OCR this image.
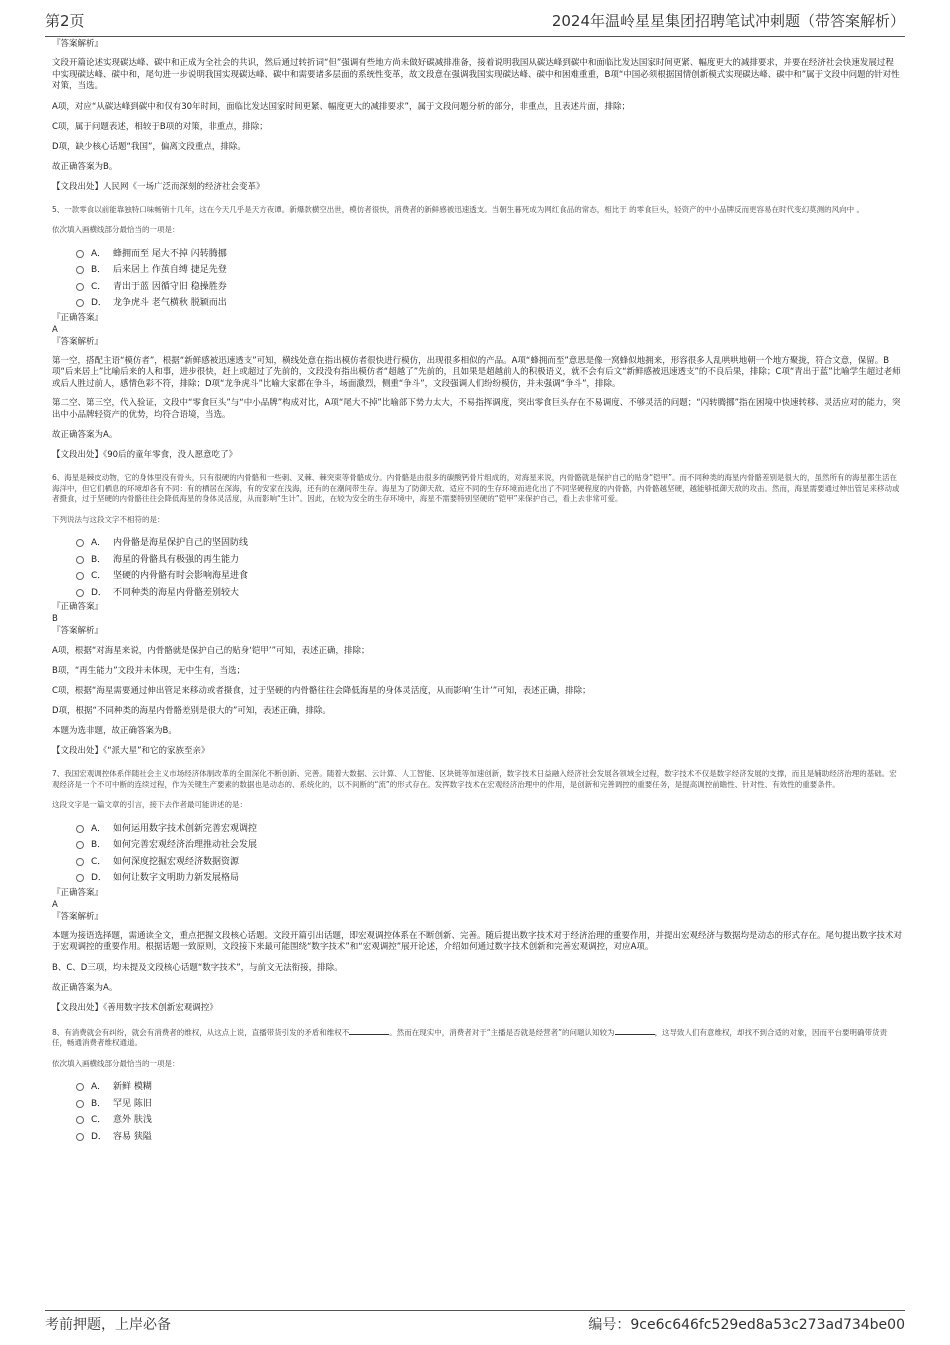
第2页	2024年温岭星星集团招聘笔试冲刺题（带答案解析）

『答案解析』

文段开篇论述实现碳达峰、碳中和正成为全社会的共识，然后通过转折词“但”强调有些地方尚未做好碳减排准备，接着说明我国从碳达峰到碳中和面临比发达国家时间更紧、幅度更大的减排要求，并要在经济社会快速发展过程中实现碳达峰、碳中和，尾句进一步说明我国实现碳达峰、碳中和需要诸多层面的系统性变革，故文段意在强调我国实现碳达峰、碳中和困难重重，B项“中国必须根据国情创新模式实现碳达峰、碳中和”属于文段中问题的针对性对策，当选。

A项，对应“从碳达峰到碳中和仅有30年时间，面临比发达国家时间更紧、幅度更大的减排要求”，属于文段问题分析的部分，非重点，且表述片面，排除；

C项，属于问题表述，相较于B项的对策，非重点，排除；

D项，缺少核心话题“我国”，偏离文段重点，排除。

故正确答案为B。

【文段出处】人民网《一场广泛而深刻的经济社会变革》

5、一款零食以前能靠独特口味畅销十几年，这在今天几乎是天方夜谭。新爆款横空出世，模仿者很快，消费者的新鲜感被迅速透支。当朝生暮死成为网红食品的常态，相比于 的零食巨头，轻资产的中小品牌反而更容易在时代变幻莫测的风向中 。

依次填入画横线部分最恰当的一项是：

A． 蜂拥而至 尾大不掉 闪转腾挪
B． 后来居上 作茧自缚 捷足先登
C． 青出于蓝 因循守旧 稳操胜券
D． 龙争虎斗 老气横秋 脱颖而出

『正确答案』

A

『答案解析』

第一空，搭配主语“模仿者”，根据“新鲜感被迅速透支”可知，横线处意在指出模仿者很快进行模仿，出现很多相似的产品。A项“蜂拥而至”意思是像一窝蜂似地拥来，形容很多人乱哄哄地朝一个地方聚拢，符合文意，保留。B项“后来居上”比喻后来的人和事，进步很快，赶上或超过了先前的，文段没有指出模仿者“超越了”先前的，且如果是超越前人的积极语义，就不会有后文“新鲜感被迅速透支”的不良后果，排除；C项“青出于蓝”比喻学生超过老师或后人胜过前人，感情色彩不符，排除；D项“龙争虎斗”比喻大家都在争斗，场面激烈，侧重“争斗”，文段强调人们纷纷模仿，并未强调“争斗”，排除。

第二空、第三空，代入验证，文段中“零食巨头”与“中小品牌”构成对比，A项“尾大不掉”比喻部下势力太大，不易指挥调度，突出零食巨头存在不易调度、不够灵活的问题；“闪转腾挪”指在困境中快速转移、灵活应对的能力，突出中小品牌轻资产的优势，均符合语境，当选。

故正确答案为A。

【文段出处】《90后的童年零食，没人愿意吃了》

6、海星是棘皮动物，它的身体里没有骨头，只有很硬的内骨骼和一些刺、叉棘、棘突束等骨骼成分。内骨骼是由很多的碳酸钙骨片组成的，对海星来说，内骨骼就是保护自己的贴身“铠甲”。而不同种类的海星内骨骼差别是很大的，虽然所有的海星都生活在海洋中，但它们栖息的环境却各有不同：有的栖居在深海，有的安家在浅海，还有的在潮间带生存。海星为了防御天敌、适应不同的生存环境而进化出了不同坚硬程度的内骨骼，内骨骼越坚硬，越能够抵御天敌的攻击。然而，海星需要通过伸出管足来移动或者摄食，过于坚硬的内骨骼往往会降低海星的身体灵活度，从而影响“生计”。因此，在较为安全的生存环境中，海星不需要特别坚硬的“铠甲”来保护自己，看上去非常可爱。

下列说法与这段文字不相符的是：

A． 内骨骼是海星保护自己的坚固防线
B． 海星的骨骼具有极强的再生能力
C． 坚硬的内骨骼有时会影响海星进食
D． 不同种类的海星内骨骼差别较大

『正确答案』

B

『答案解析』

A项，根据“对海星来说，内骨骼就是保护自己的贴身‘铠甲’”可知，表述正确，排除；

B项，“再生能力”文段并未体现，无中生有，当选；

C项，根据“海星需要通过伸出管足来移动或者摄食，过于坚硬的内骨骼往往会降低海星的身体灵活度，从而影响‘生计’”可知，表述正确，排除；

D项，根据“不同种类的海星内骨骼差别是很大的”可知，表述正确，排除。

本题为选非题，故正确答案为B。

【文段出处】《“派大星”和它的家族至亲》

7、我国宏观调控体系伴随社会主义市场经济体制改革的全面深化不断创新、完善。随着大数据、云计算、人工智能、区块链等加速创新，数字技术日益融入经济社会发展各领域全过程，数字技术不仅是数字经济发展的支撑，而且是辅助经济治理的基础。宏观经济是一个不可中断的连续过程，作为关键生产要素的数据也是动态的、系统化的，以不间断的“流”的形式存在。发挥数字技术在宏观经济治理中的作用，是创新和完善调控的重要任务，是提高调控前瞻性、针对性、有效性的重要条件。

这段文字是一篇文章的引言，接下去作者最可能讲述的是：

A． 如何运用数字技术创新完善宏观调控
B． 如何完善宏观经济治理推动社会发展
C． 如何深度挖掘宏观经济数据资源
D． 如何让数字文明助力新发展格局

『正确答案』

A

『答案解析』

本题为接语选择题，需通读全文，重点把握文段核心话题。文段开篇引出话题，即宏观调控体系在不断创新、完善。随后提出数字技术对于经济治理的重要作用，并提出宏观经济与数据均是动态的形式存在。尾句提出数字技术对于宏观调控的重要作用。根据话题一致原则，文段接下来最可能围绕“数字技术”和“宏观调控”展开论述，介绍如何通过数字技术创新和完善宏观调控，对应A项。

B、C、D三项，均未提及文段核心话题“数字技术”，与前文无法衔接，排除。

故正确答案为A。

【文段出处】《善用数字技术创新宏观调控》

8、有消费就会有纠纷，就会有消费者的维权，从这点上说，直播带货引发的矛盾和维权不	。然而在现实中，消费者对于“主播是否就是经营者”的问题认知较为	，这导致人们有意维权，却找不到合适的对象，因而平台要明确带货责任，畅通消费者维权通道。

依次填入画横线部分最恰当的一项是：

A． 新鲜 模糊
B． 罕见 陈旧
C． 意外 肤浅
D． 容易 狭隘
考前押题，上岸必备	编号：9ce6c646fc529ed8a53c273ad734be00
